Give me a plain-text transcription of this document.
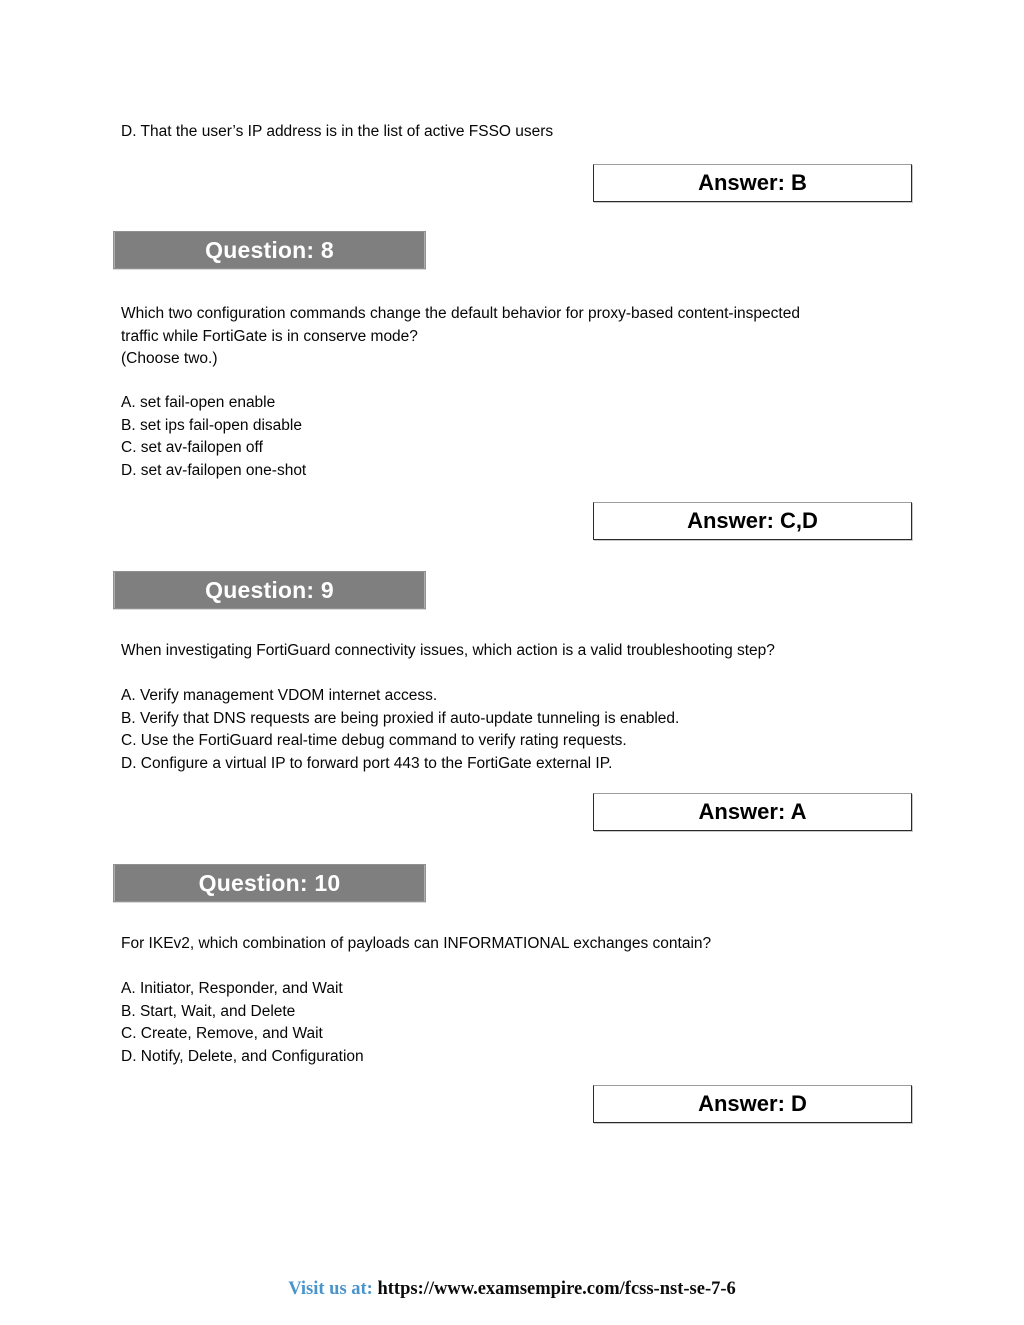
D. That the user’s IP address is in the list of active FSSO users
Answer: B
Question: 8
Which two configuration commands change the default behavior for proxy-based content-inspected
traffic while FortiGate is in conserve mode?
(Choose two.)
A. set fail-open enable
B. set ips fail-open disable
C. set av-failopen off
D. set av-failopen one-shot
Answer: C,D
Question: 9
When investigating FortiGuard connectivity issues, which action is a valid troubleshooting step?
A. Verify management VDOM internet access.
B. Verify that DNS requests are being proxied if auto-update tunneling is enabled.
C. Use the FortiGuard real-time debug command to verify rating requests.
D. Configure a virtual IP to forward port 443 to the FortiGate external IP.
Answer: A
Question: 10
For IKEv2, which combination of payloads can INFORMATIONAL exchanges contain?
A. Initiator, Responder, and Wait
B. Start, Wait, and Delete
C. Create, Remove, and Wait
D. Notify, Delete, and Configuration
Answer: D
Visit us at: https://www.examsempire.com/fcss-nst-se-7-6
